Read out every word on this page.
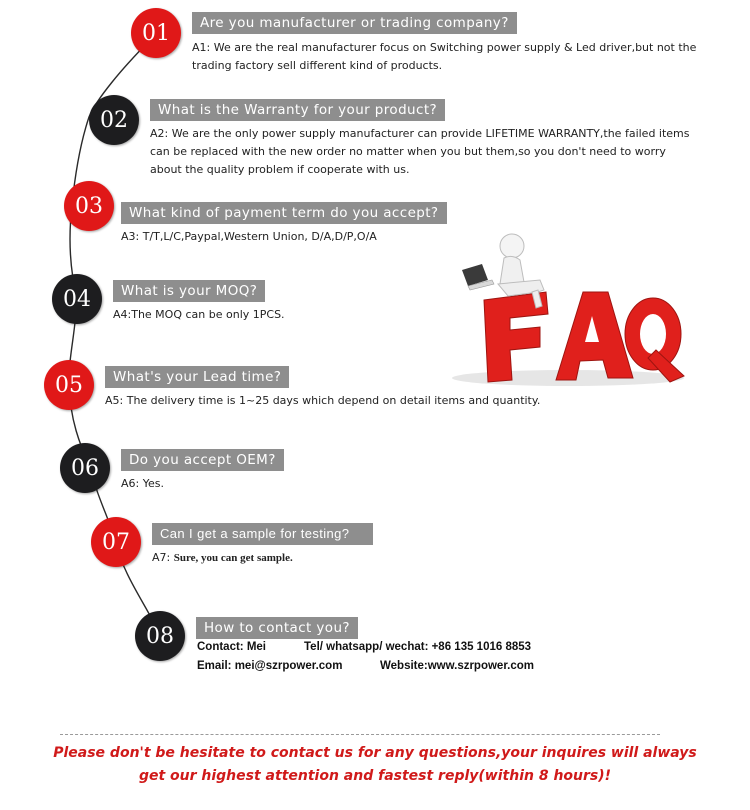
01
02
03
04
05
06
07
08
Are you manufacturer or trading company?
A1: We are the real manufacturer focus on Switching power supply & Led driver,but not the trading factory sell different kind of products.
What is the Warranty for your product?
A2: We are the only power supply manufacturer can provide LIFETIME WARRANTY,the failed items can be replaced with the new order no matter when you but them,so you don't need to worry about the quality problem if cooperate with us.
What kind of payment term do you accept?
A3: T/T,L/C,Paypal,Western Union, D/A,D/P,O/A
What is your MOQ?
A4:The MOQ can be only 1PCS.
What's your Lead time?
A5: The delivery time is 1~25 days which depend on detail items and quantity.
Do you accept OEM?
A6: Yes.
Can I get a sample for testing?
A7: Sure, you can get sample.
How to contact you?
Contact: Mei	Tel/ whatsapp/ wechat: +86 135 1016 8853
Email: mei@szrpower.com	Website:www.szrpower.com
Please don't be hesitate to contact us for any questions,your inquires will always
get our highest attention and fastest reply(within 8 hours)!
